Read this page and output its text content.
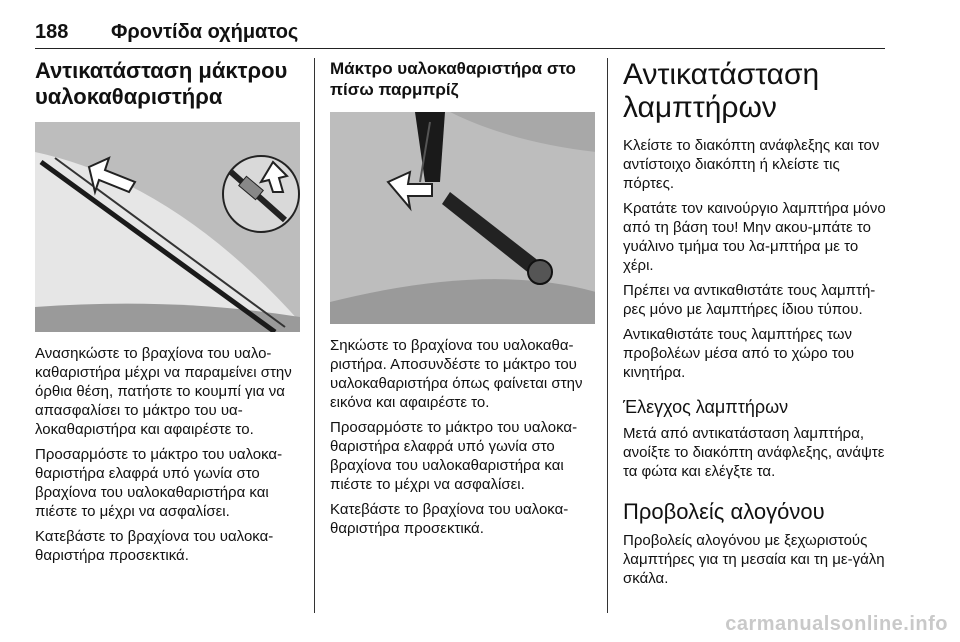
188 Φροντίδα οχήματος
Αντικατάσταση μάκτρου υαλοκαθαριστήρα

Ανασηκώστε το βραχίονα του υαλο-καθαριστήρα μέχρι να παραμείνει στην όρθια θέση, πατήστε το κουμπί για να απασφαλίσει το μάκτρο του υα-λοκαθαριστήρα και αφαιρέστε το.

Προσαρμόστε το μάκτρο του υαλοκα-θαριστήρα ελαφρά υπό γωνία στο βραχίονα του υαλοκαθαριστήρα και πιέστε το μέχρι να ασφαλίσει.

Κατεβάστε το βραχίονα του υαλοκα-θαριστήρα προσεκτικά.

Μάκτρο υαλοκαθαριστήρα στο πίσω παρμπρίζ

Σηκώστε το βραχίονα του υαλοκαθα-ριστήρα. Αποσυνδέστε το μάκτρο του υαλοκαθαριστήρα όπως φαίνεται στην εικόνα και αφαιρέστε το.

Προσαρμόστε το μάκτρο του υαλοκα-θαριστήρα ελαφρά υπό γωνία στο βραχίονα του υαλοκαθαριστήρα και πιέστε το μέχρι να ασφαλίσει.

Κατεβάστε το βραχίονα του υαλοκα-θαριστήρα προσεκτικά.

Αντικατάσταση λαμπτήρων

Κλείστε το διακόπτη ανάφλεξης και τον αντίστοιχο διακόπτη ή κλείστε τις πόρτες.

Κρατάτε τον καινούργιο λαμπτήρα μόνο από τη βάση του! Μην ακου-μπάτε το γυάλινο τμήμα του λα-μπτήρα με το χέρι.

Πρέπει να αντικαθιστάτε τους λαμπτή-ρες μόνο με λαμπτήρες ίδιου τύπου.

Αντικαθιστάτε τους λαμπτήρες των προβολέων μέσα από το χώρο του κινητήρα.

Έλεγχος λαμπτήρων

Μετά από αντικατάσταση λαμπτήρα, ανοίξτε το διακόπτη ανάφλεξης, ανάψτε τα φώτα και ελέγξτε τα.

Προβολείς αλογόνου

Προβολείς αλογόνου με ξεχωριστούς λαμπτήρες για τη μεσαία και τη με-γάλη σκάλα.

carmanualsonline.info
